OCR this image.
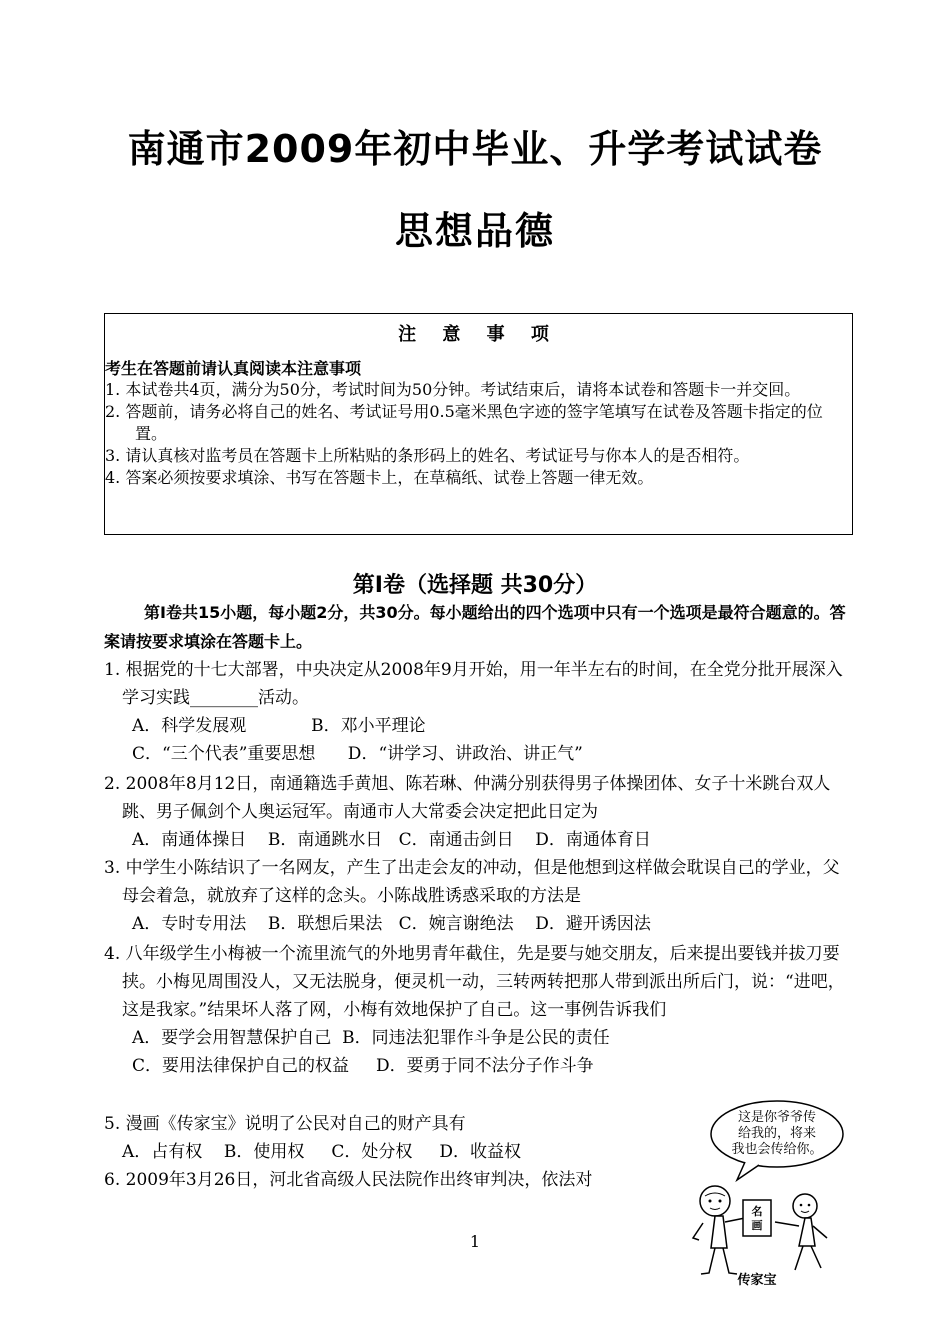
南通市2009年初中毕业、升学考试试卷
思想品德
注 意 事 项
考生在答题前请认真阅读本注意事项

1. 本试卷共4页，满分为50分，考试时间为50分钟。考试结束后，请将本试卷和答题卡一并交回。

2. 答题前，请务必将自己的姓名、考试证号用0.5毫米黑色字迹的签字笔填写在试卷及答题卡指定的位置。

3. 请认真核对监考员在答题卡上所粘贴的条形码上的姓名、考试证号与你本人的是否相符。

4. 答案必须按要求填涂、书写在答题卡上，在草稿纸、试卷上答题一律无效。

第Ⅰ卷（选择题 共30分）
第Ⅰ卷共15小题，每小题2分，共30分。每小题给出的四个选项中只有一个选项是最符合题意的。答案请按要求填涂在答题卡上。
1. 根据党的十七大部署，中央决定从2008年9月开始，用一年半左右的时间，在全党分批开展深入学习实践________活动。
A．科学发展观            B．邓小平理论
C．“三个代表”重要思想      D．“讲学习、讲政治、讲正气”
2. 2008年8月12日，南通籍选手黄旭、陈若琳、仲满分别获得男子体操团体、女子十米跳台双人跳、男子佩剑个人奥运冠军。南通市人大常委会决定把此日定为
A．南通体操日    B．南通跳水日   C．南通击剑日    D．南通体育日
3. 中学生小陈结识了一名网友，产生了出走会友的冲动，但是他想到这样做会耽误自己的学业，父母会着急，就放弃了这样的念头。小陈战胜诱惑采取的方法是
A．专时专用法    B．联想后果法   C．婉言谢绝法    D．避开诱因法
4. 八年级学生小梅被一个流里流气的外地男青年截住，先是要与她交朋友，后来提出要钱并拔刀要挟。小梅见周围没人，又无法脱身，便灵机一动，三转两转把那人带到派出所后门，说：“进吧，这是我家。”结果坏人落了网，小梅有效地保护了自己。这一事例告诉我们
A．要学会用智慧保护自己  B．同违法犯罪作斗争是公民的责任
C．要用法律保护自己的权益     D．要勇于同不法分子作斗争
5. 漫画《传家宝》说明了公民对自己的财产具有
A．占有权    B．使用权     C．处分权     D．收益权
6. 2009年3月26日，河北省高级人民法院作出终审判决，依法对
这是你爷爷传
给我的，将来
我也会传给你。
名
画
传家宝
1
